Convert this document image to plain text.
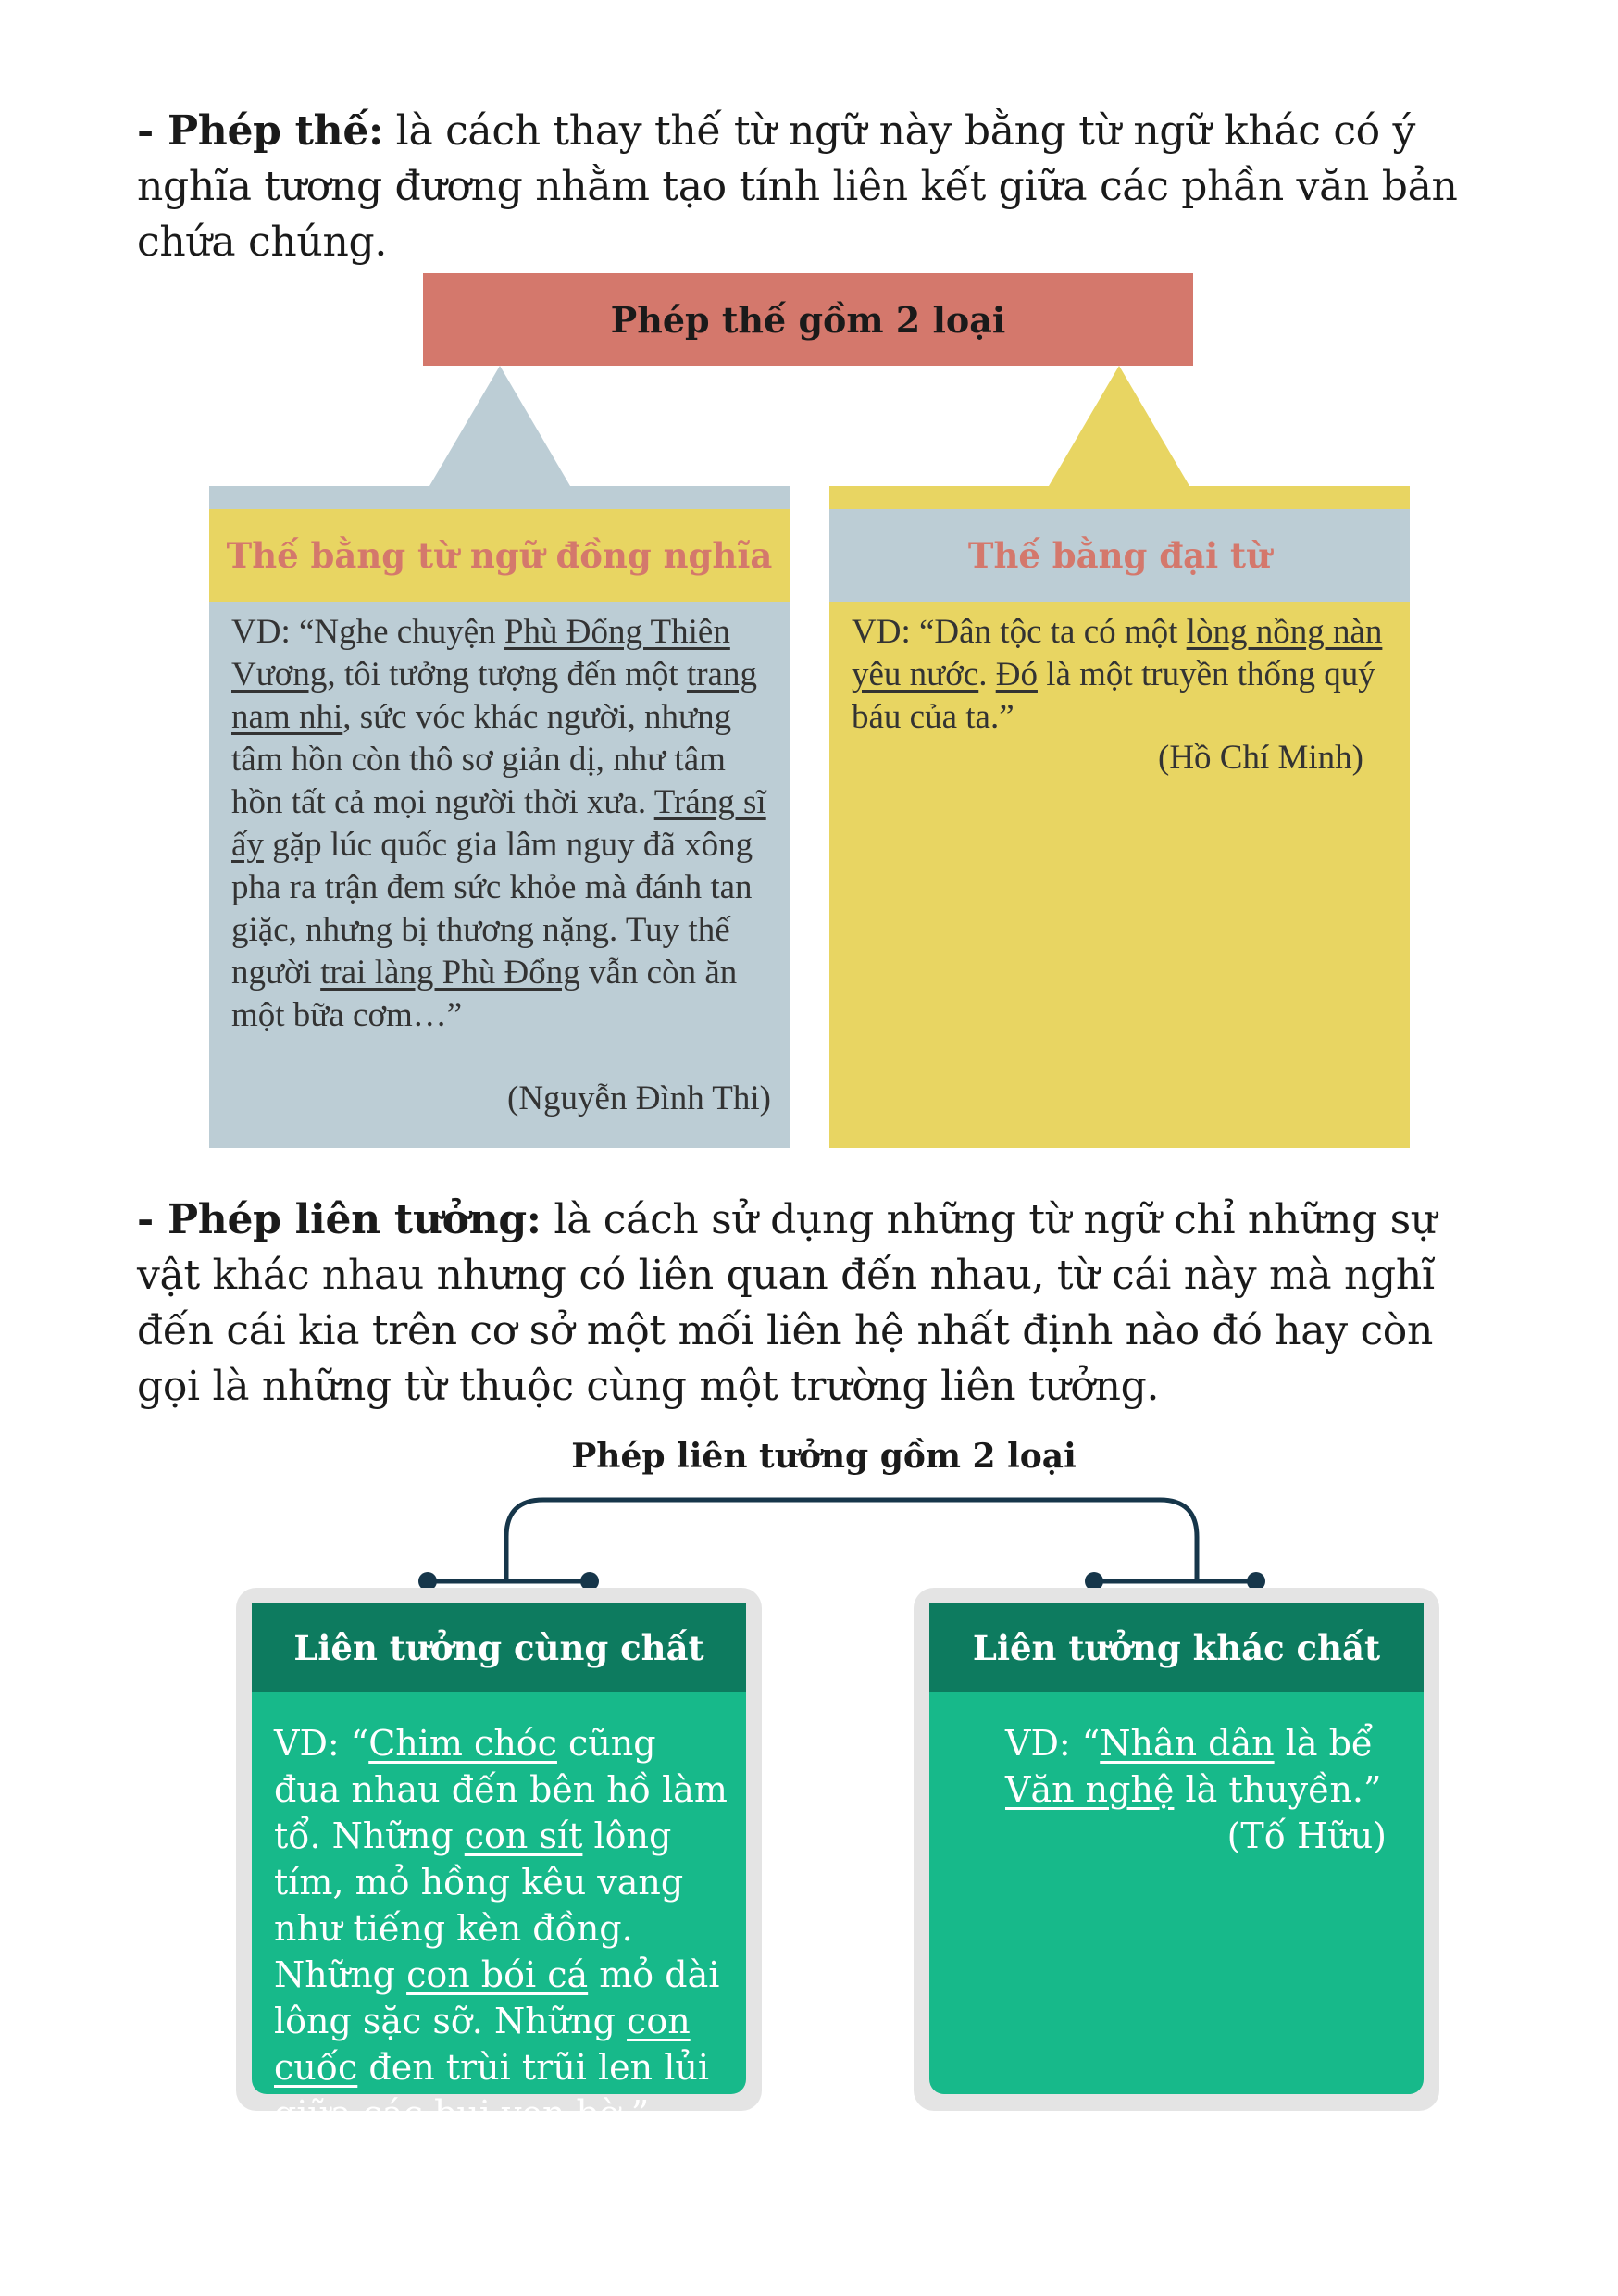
- Phép thế: là cách thay thế từ ngữ này bằng từ ngữ khác có ý nghĩa tương đương nhằm tạo tính liên kết giữa các phần văn bản chứa chúng.

Phép thế gồm 2 loại
Thế bằng từ ngữ đồng nghĩa
VD: “Nghe chuyện Phù Đổng Thiên Vương, tôi tưởng tượng đến một trang nam nhi, sức vóc khác người, nhưng tâm hồn còn thô sơ giản dị, như tâm hồn tất cả mọi người thời xưa. Tráng sĩ ấy gặp lúc quốc gia lâm nguy đã xông pha ra trận đem sức khỏe mà đánh tan giặc, nhưng bị thương nặng. Tuy thế người trai làng Phù Đổng vẫn còn ăn một bữa cơm…”
(Nguyễn Đình Thi)
Thế bằng đại từ
VD: “Dân tộc ta có một lòng nồng nàn yêu nước. Đó là một truyền thống quý báu của ta.”
(Hồ Chí Minh)

- Phép liên tưởng: là cách sử dụng những từ ngữ chỉ những sự vật khác nhau nhưng có liên quan đến nhau, từ cái này mà nghĩ đến cái kia trên cơ sở một mối liên hệ nhất định nào đó hay còn gọi là những từ thuộc cùng một trường liên tưởng.

Phép liên tưởng gồm 2 loại
Liên tưởng cùng chất
VD: “Chim chóc cũng đua nhau đến bên hồ làm tổ. Những con sít lông tím, mỏ hồng kêu vang như tiếng kèn đồng. Những con bói cá mỏ dài lông sặc sỡ. Những con cuốc đen trùi trũi len lủi giữa các bụi ven bờ.”
Liên tưởng khác chất
VD: “Nhân dân là bể Văn nghệ là thuyền.”
(Tố Hữu)
